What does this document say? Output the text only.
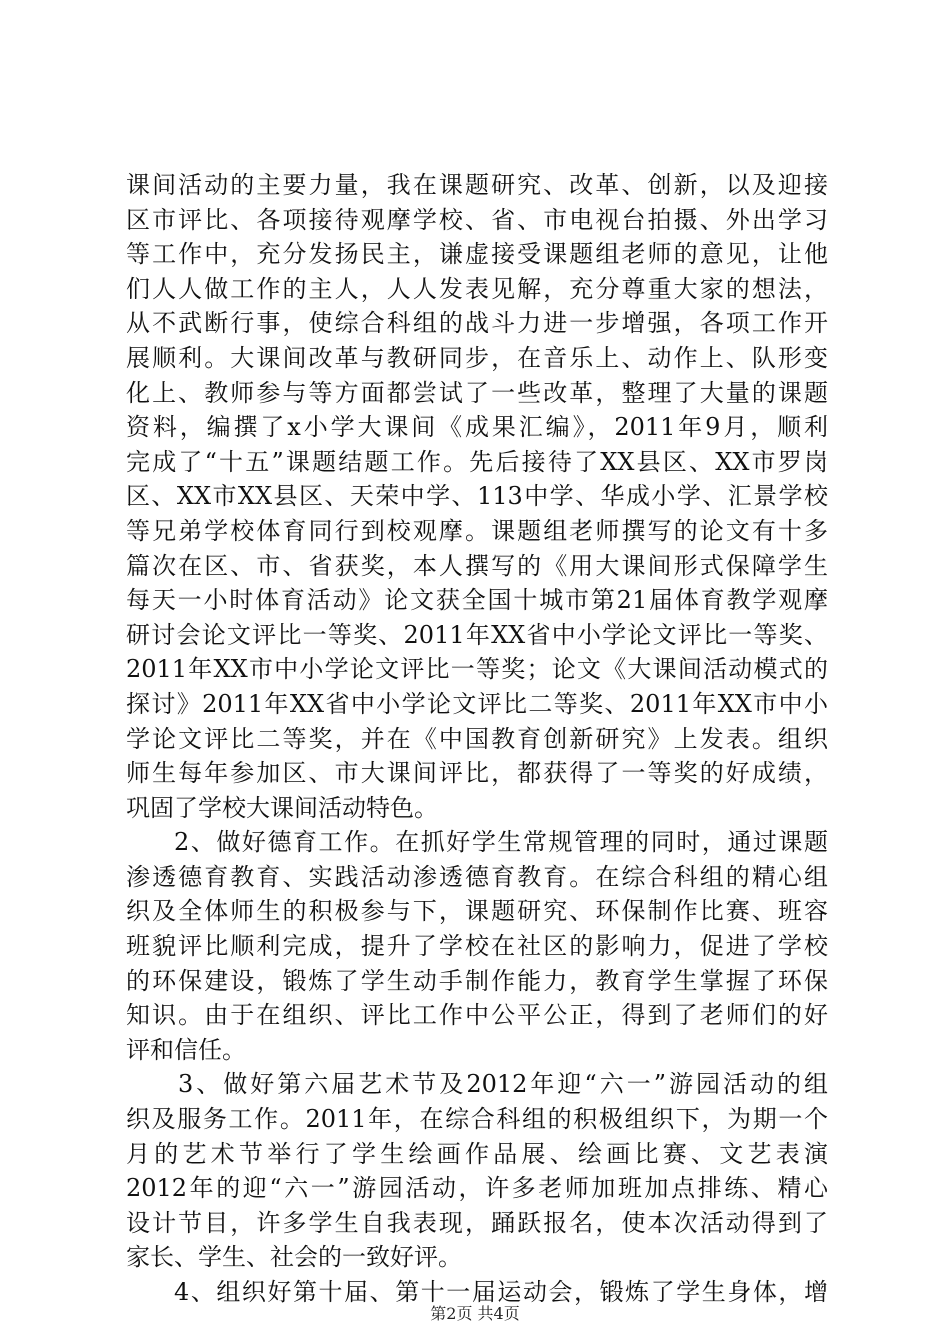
课间活动的主要力量，我在课题研究、改革、创新，以及迎接
区市评比、各项接待观摩学校、省、市电视台拍摄、外出学习
等工作中，充分发扬民主，谦虚接受课题组老师的意见，让他
们人人做工作的主人，人人发表见解，充分尊重大家的想法，
从不武断行事，使综合科组的战斗力进一步增强，各项工作开
展顺利。大课间改革与教研同步，在音乐上、动作上、队形变
化上、教师参与等方面都尝试了一些改革，整理了大量的课题
资料，编撰了x小学大课间《成果汇编》，2011年9月，顺利
完成了“十五”课题结题工作。先后接待了XX县区、XX市罗岗
区、XX市XX县区、天荣中学、113中学、华成小学、汇景学校
等兄弟学校体育同行到校观摩。课题组老师撰写的论文有十多
篇次在区、市、省获奖，本人撰写的《用大课间形式保障学生
每天一小时体育活动》论文获全国十城市第21届体育教学观摩
研讨会论文评比一等奖、2011年XX省中小学论文评比一等奖、
2011年XX市中小学论文评比一等奖；论文《大课间活动模式的
探讨》2011年XX省中小学论文评比二等奖、2011年XX市中小
学论文评比二等奖，并在《中国教育创新研究》上发表。组织
师生每年参加区、市大课间评比，都获得了一等奖的好成绩，
巩固了学校大课间活动特色。
2、做好德育工作。在抓好学生常规管理的同时，通过课题
渗透德育教育、实践活动渗透德育教育。在综合科组的精心组
织及全体师生的积极参与下，课题研究、环保制作比赛、班容
班貌评比顺利完成，提升了学校在社区的影响力，促进了学校
的环保建设，锻炼了学生动手制作能力，教育学生掌握了环保
知识。由于在组织、评比工作中公平公正，得到了老师们的好
评和信任。
3、做好第六届艺术节及2012年迎“六一”游园活动的组
织及服务工作。2011年，在综合科组的积极组织下，为期一个
月的艺术节举行了学生绘画作品展、绘画比赛、文艺表演
2012年的迎“六一”游园活动，许多老师加班加点排练、精心
设计节目，许多学生自我表现，踊跃报名，使本次活动得到了
家长、学生、社会的一致好评。
4、组织好第十届、第十一届运动会，锻炼了学生身体，增
第2页 共4页
